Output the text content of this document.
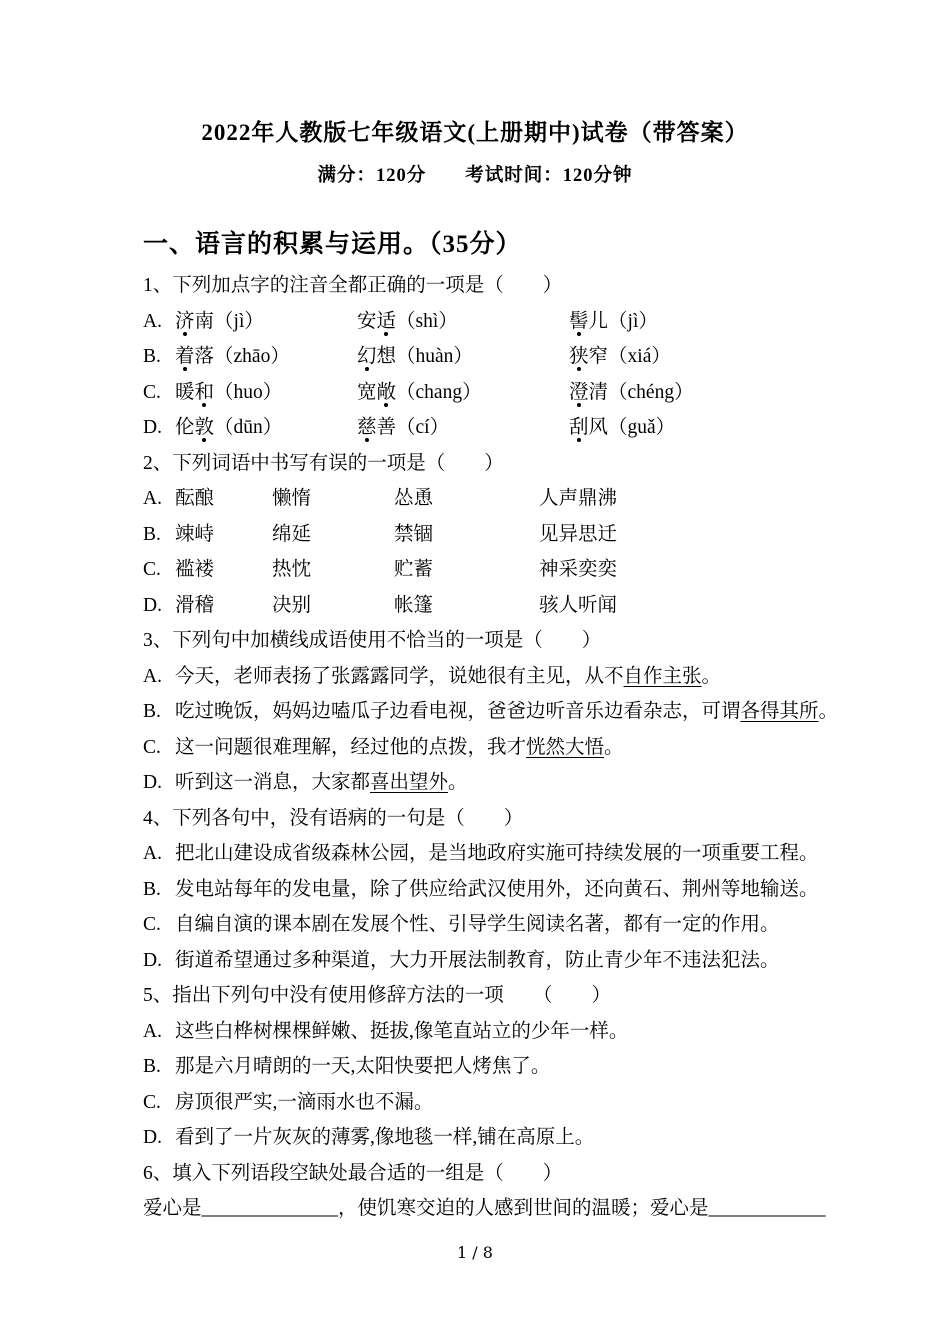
2022年人教版七年级语文(上册期中)试卷（带答案）
满分：120分　　考试时间：120分钟
一、语言的积累与运用。（35分）
1、下列加点字的注音全都正确的一项是（　　）
A. 济南（jì）	安适（shì）	髻儿（jì）
B. 着落（zhāo）	幻想（huàn）	狭窄（xiá）
C. 暖和（huo）	宽敞（chang）	澄清（chéng）
D. 伦敦（dūn）	慈善（cí）	刮风（guǎ）
2、下列词语中书写有误的一项是（　　）
A. 酝酿	懒惰	怂恿	人声鼎沸
B. 竦峙	绵延	禁锢	见异思迁
C. 褴褛	热忱	贮蓄	神采奕奕
D. 滑稽	决别	帐篷	骇人听闻
3、下列句中加横线成语使用不恰当的一项是（　　）
A. 今天，老师表扬了张露露同学，说她很有主见，从不自作主张。
B. 吃过晚饭，妈妈边嗑瓜子边看电视，爸爸边听音乐边看杂志，可谓各得其所。
C. 这一问题很难理解，经过他的点拨，我才恍然大悟。
D. 听到这一消息，大家都喜出望外。
4、下列各句中，没有语病的一句是（　　）
A. 把北山建设成省级森林公园，是当地政府实施可持续发展的一项重要工程。
B. 发电站每年的发电量，除了供应给武汉使用外，还向黄石、荆州等地输送。
C. 自编自演的课本剧在发展个性、引导学生阅读名著，都有一定的作用。
D. 街道希望通过多种渠道，大力开展法制教育，防止青少年不违法犯法。
5、指出下列句中没有使用修辞方法的一项　　（　　）
A. 这些白桦树棵棵鲜嫩、挺拔,像笔直站立的少年一样。
B. 那是六月晴朗的一天,太阳快要把人烤焦了。
C. 房顶很严实,一滴雨水也不漏。
D. 看到了一片灰灰的薄雾,像地毯一样,铺在高原上。
6、填入下列语段空缺处最合适的一组是（　　）
爱心是______________，使饥寒交迫的人感到世间的温暖；爱心是____________
1 / 8
